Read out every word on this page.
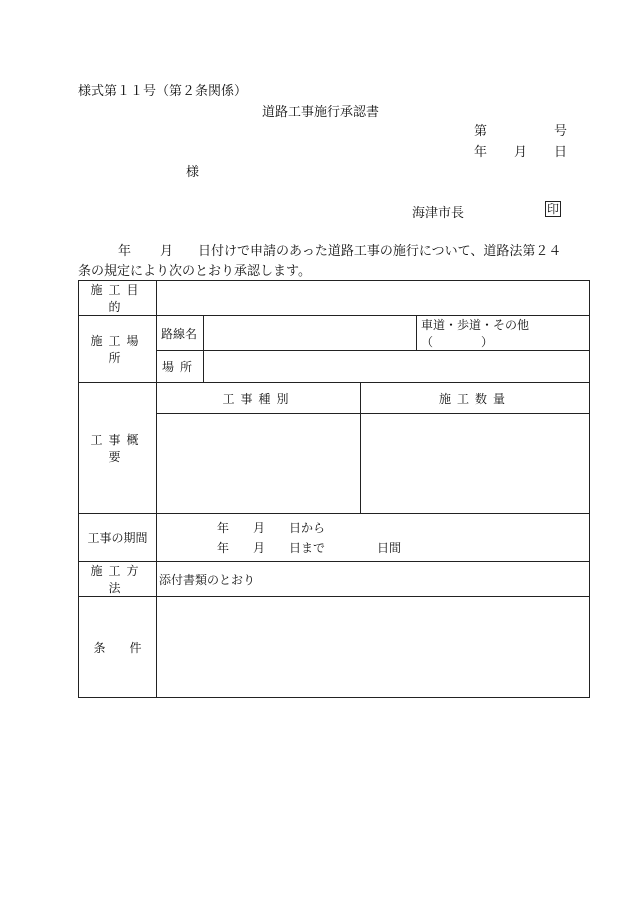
様式第１１号（第２条関係）
道路工事施行承認書
第	号
年 月 日
様
海津市長	印
年 月 日付けで申請のあった道路工事の施行について、道路法第２４
条の規定により次のとおり承認します。
施工目的				
施工場所	路線名			車道・歩道・その他（　　　　）
	場所			
工事概要	工事種別		施工数量	

工事の期間	年　　月　　日から
年　　月　　日まで 日間			
施工方法	添付書類のとおり			
条　　件				
